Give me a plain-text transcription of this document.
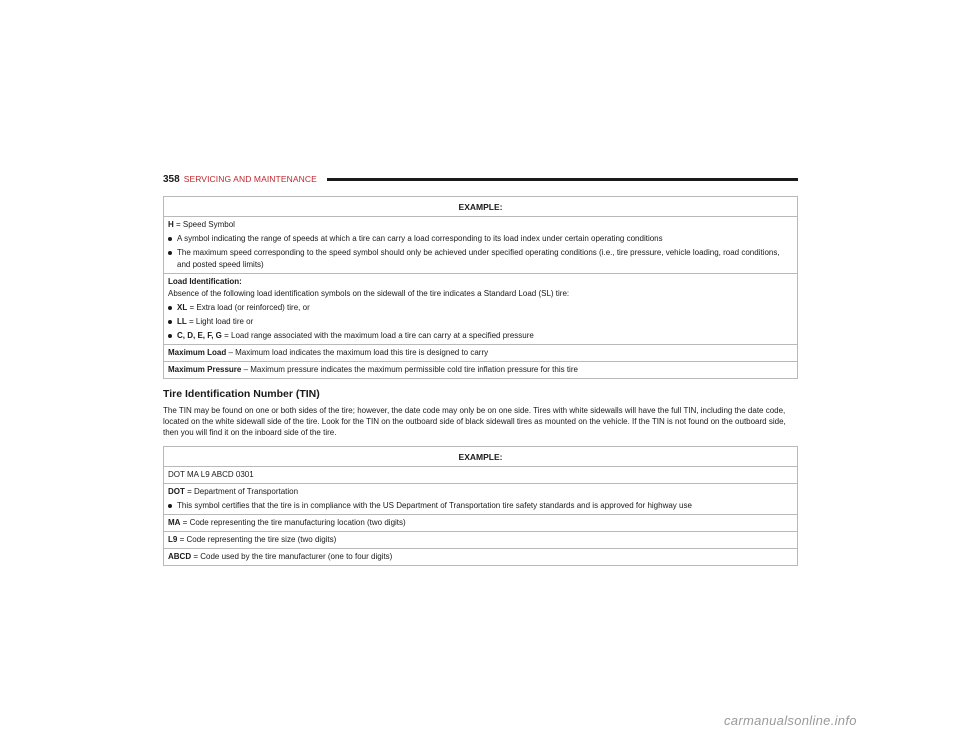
358 SERVICING AND MAINTENANCE
EXAMPLE:

H = Speed Symbol
A symbol indicating the range of speeds at which a tire can carry a load corresponding to its load index under certain operating conditions
The maximum speed corresponding to the speed symbol should only be achieved under specified operating conditions (i.e., tire pressure, vehicle loading, road conditions, and posted speed limits)

Load Identification:
Absence of the following load identification symbols on the sidewall of the tire indicates a Standard Load (SL) tire:
XL = Extra load (or reinforced) tire, or
LL = Light load tire or
C, D, E, F, G = Load range associated with the maximum load a tire can carry at a specified pressure

Maximum Load – Maximum load indicates the maximum load this tire is designed to carry
Maximum Pressure – Maximum pressure indicates the maximum permissible cold tire inflation pressure for this tire
Tire Identification Number (TIN)

The TIN may be found on one or both sides of the tire; however, the date code may only be on one side. Tires with white sidewalls will have the full TIN, including the date code, located on the white sidewall side of the tire. Look for the TIN on the outboard side of black sidewall tires as mounted on the vehicle. If the TIN is not found on the outboard side, then you will find it on the inboard side of the tire.

EXAMPLE:
DOT MA L9 ABCD 0301

DOT = Department of Transportation
This symbol certifies that the tire is in compliance with the US Department of Transportation tire safety standards and is approved for highway use

MA = Code representing the tire manufacturing location (two digits)
L9 = Code representing the tire size (two digits)
ABCD = Code used by the tire manufacturer (one to four digits)
carmanualsonline.info
